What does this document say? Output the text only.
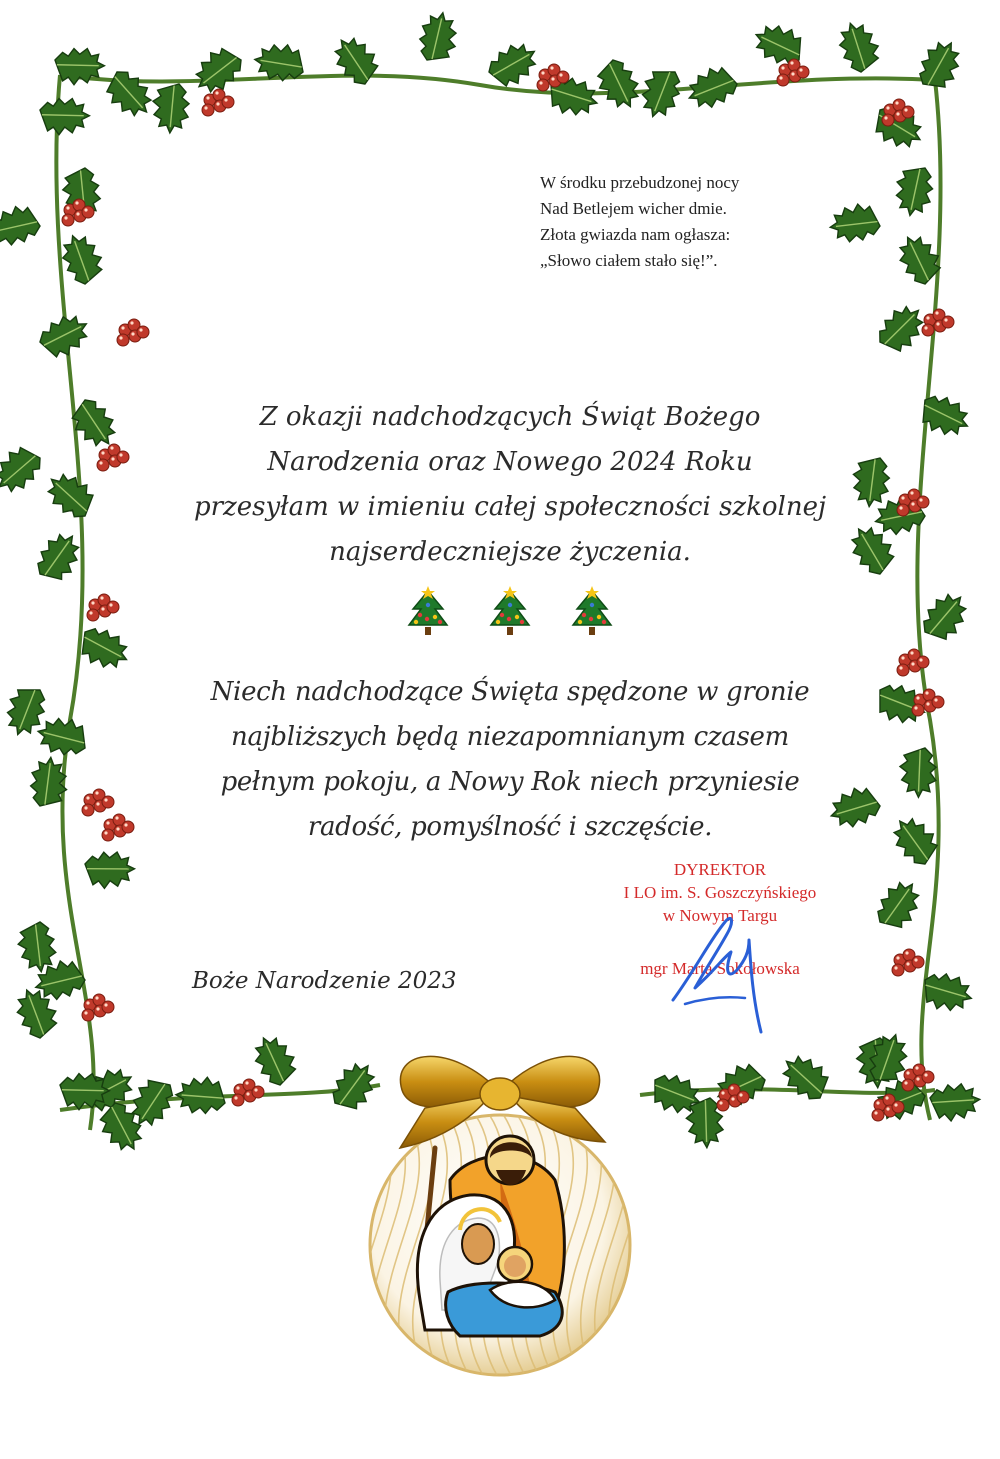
W środku przebudzonej nocy
Nad Betlejem wicher dmie.
Złota gwiazda nam ogłasza:
„Słowo ciałem stało się!”.
Z okazji nadchodzących Świąt Bożego
Narodzenia oraz Nowego 2024 Roku
przesyłam w imieniu całej społeczności szkolnej
najserdeczniejsze życzenia.
Niech nadchodzące Święta spędzone w gronie
najbliższych będą niezapomnianym czasem
pełnym pokoju, a Nowy Rok niech przyniesie
radość, pomyślność i szczęście.
DYREKTOR
I LO im. S. Goszczyńskiego
w Nowym Targu
mgr Marta Sokołowska
Boże Narodzenie 2023
